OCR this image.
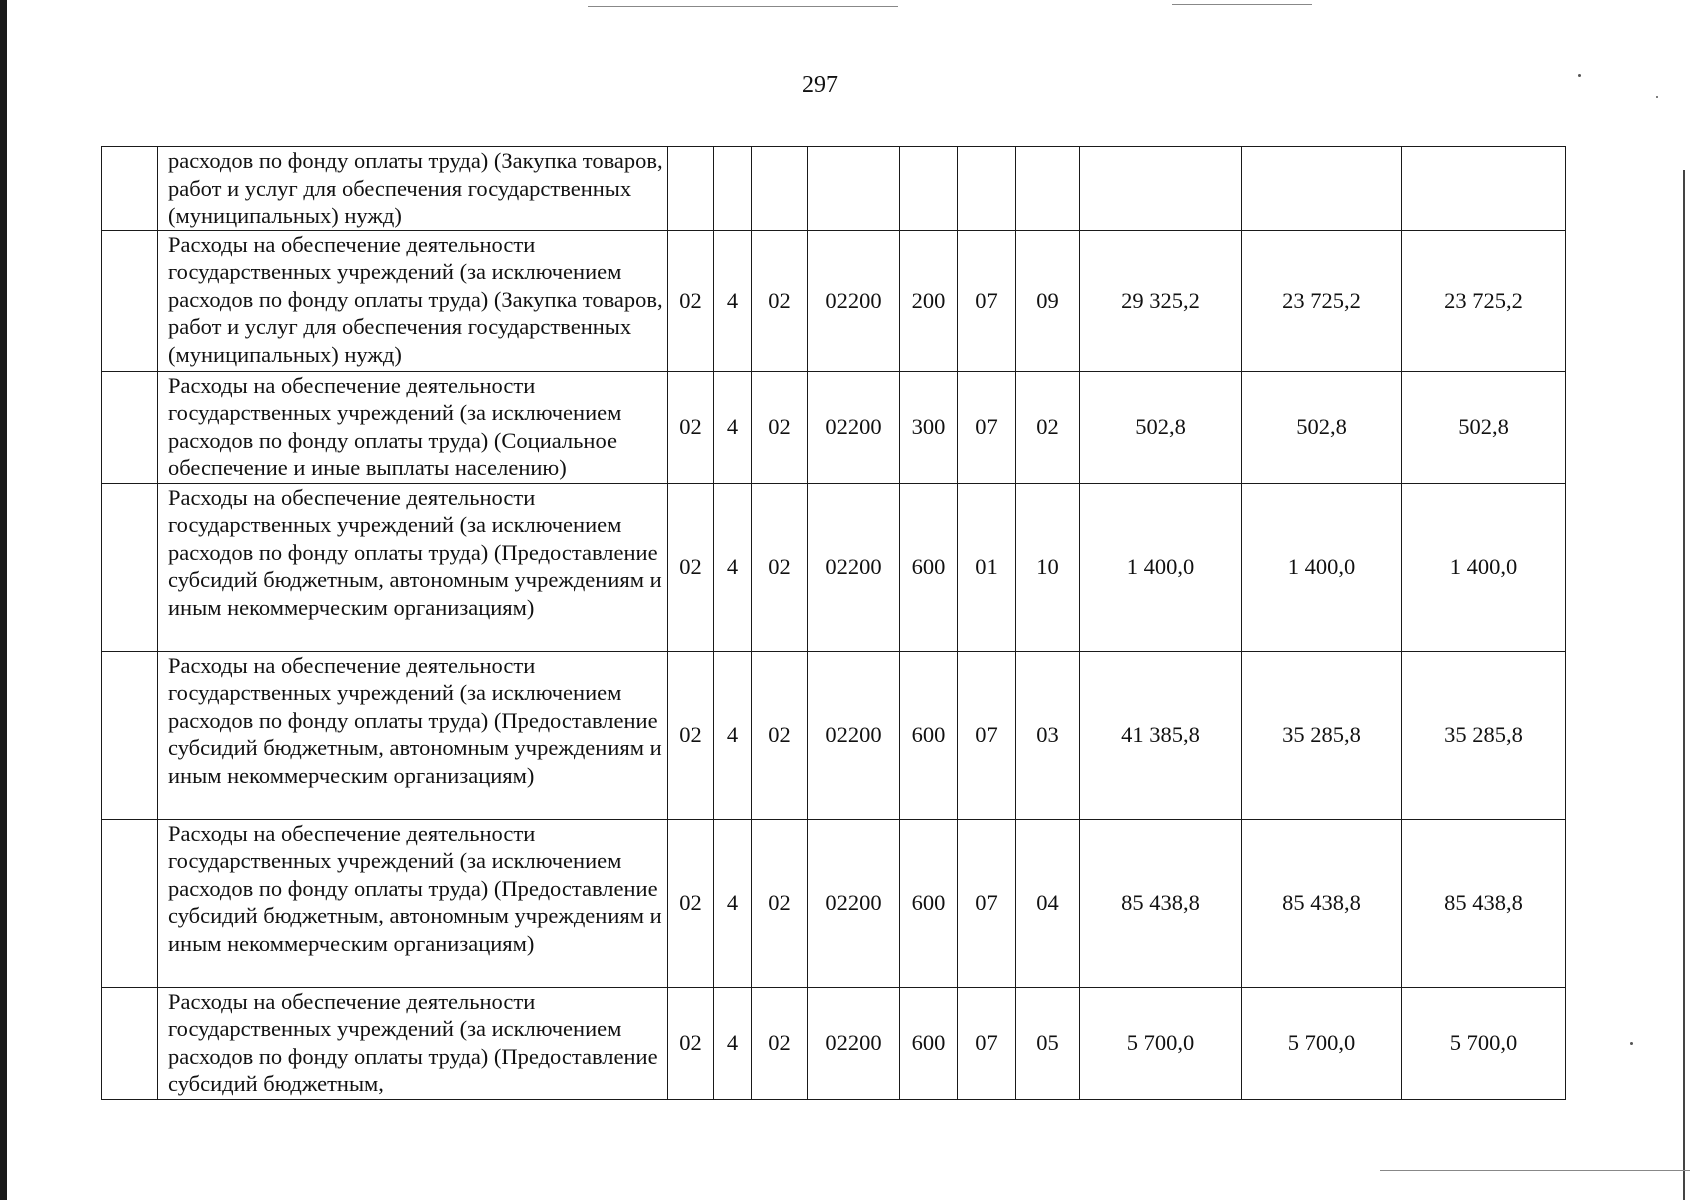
297
	расходов по фонду оплаты труда) (Закупка товаров, работ и услуг для обеспечения государственных (муниципальных) нужд)										
	Расходы на обеспечение деятельности государственных учреждений (за исключением расходов по фонду оплаты труда) (Закупка товаров, работ и услуг для обеспечения государственных (муниципальных) нужд)	02	4	02	02200	200	07	09	29 325,2	23 725,2	23 725,2
	Расходы на обеспечение деятельности государственных учреждений (за исключением расходов по фонду оплаты труда) (Социальное обеспечение и иные выплаты населению)	02	4	02	02200	300	07	02	502,8	502,8	502,8
	Расходы на обеспечение деятельности государственных учреждений (за исключением расходов по фонду оплаты труда) (Предоставление субсидий бюджетным, автономным учреждениям и иным некоммерческим организациям)	02	4	02	02200	600	01	10	1 400,0	1 400,0	1 400,0
	Расходы на обеспечение деятельности государственных учреждений (за исключением расходов по фонду оплаты труда) (Предоставление субсидий бюджетным, автономным учреждениям и иным некоммерческим организациям)	02	4	02	02200	600	07	03	41 385,8	35 285,8	35 285,8
	Расходы на обеспечение деятельности государственных учреждений (за исключением расходов по фонду оплаты труда) (Предоставление субсидий бюджетным, автономным учреждениям и иным некоммерческим организациям)	02	4	02	02200	600	07	04	85 438,8	85 438,8	85 438,8
	Расходы на обеспечение деятельности государственных учреждений (за исключением расходов по фонду оплаты труда) (Предоставление субсидий бюджетным,	02	4	02	02200	600	07	05	5 700,0	5 700,0	5 700,0
